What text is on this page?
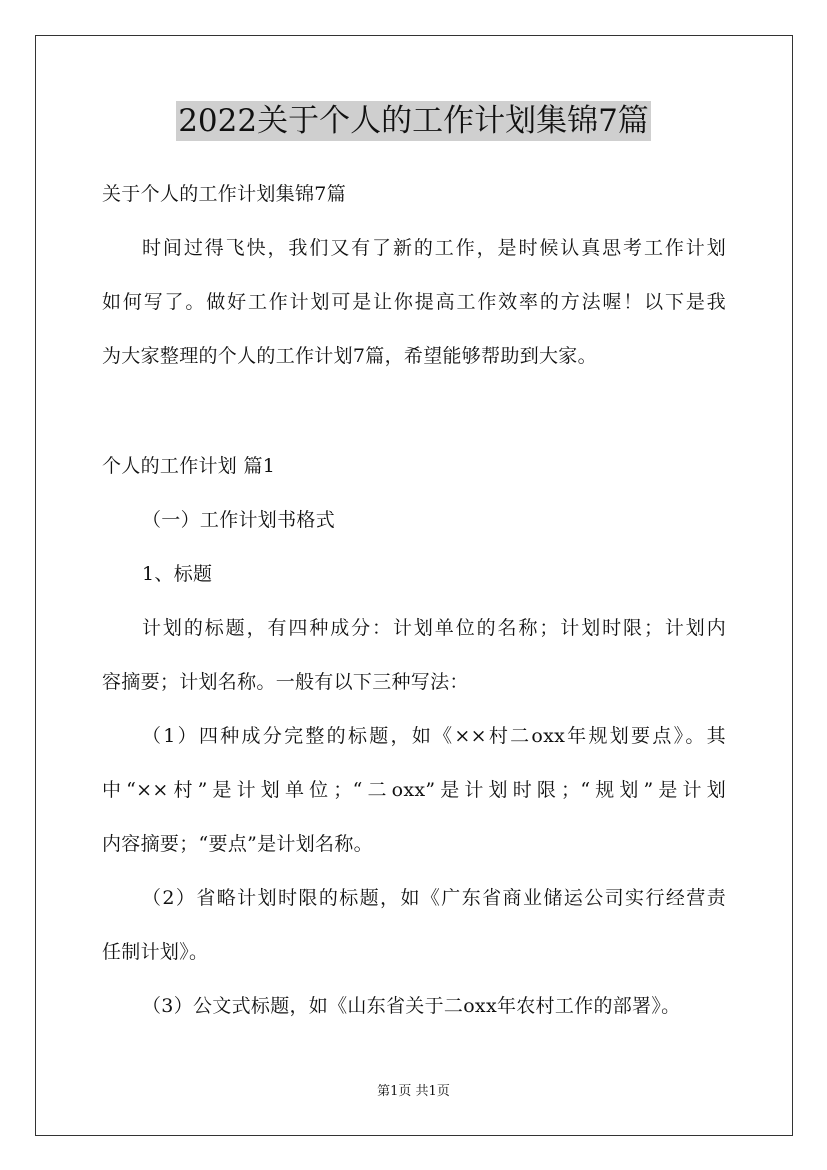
2022关于个人的工作计划集锦7篇
关于个人的工作计划集锦7篇
时间过得飞快，我们又有了新的工作，是时候认真思考工作计划
如何写了。做好工作计划可是让你提高工作效率的方法喔！以下是我
为大家整理的个人的工作计划7篇，希望能够帮助到大家。
个人的工作计划 篇1
（一）工作计划书格式
1、标题
计划的标题，有四种成分：计划单位的名称；计划时限；计划内
容摘要；计划名称。一般有以下三种写法：
（1）四种成分完整的标题，如《××村二oxx年规划要点》。其
中“××村”是计划单位；“二oxx”是计划时限；“规划”是计划
内容摘要；“要点”是计划名称。
（2）省略计划时限的标题，如《广东省商业储运公司实行经营责
任制计划》。
（3）公文式标题，如《山东省关于二oxx年农村工作的部署》。
第1页 共1页
